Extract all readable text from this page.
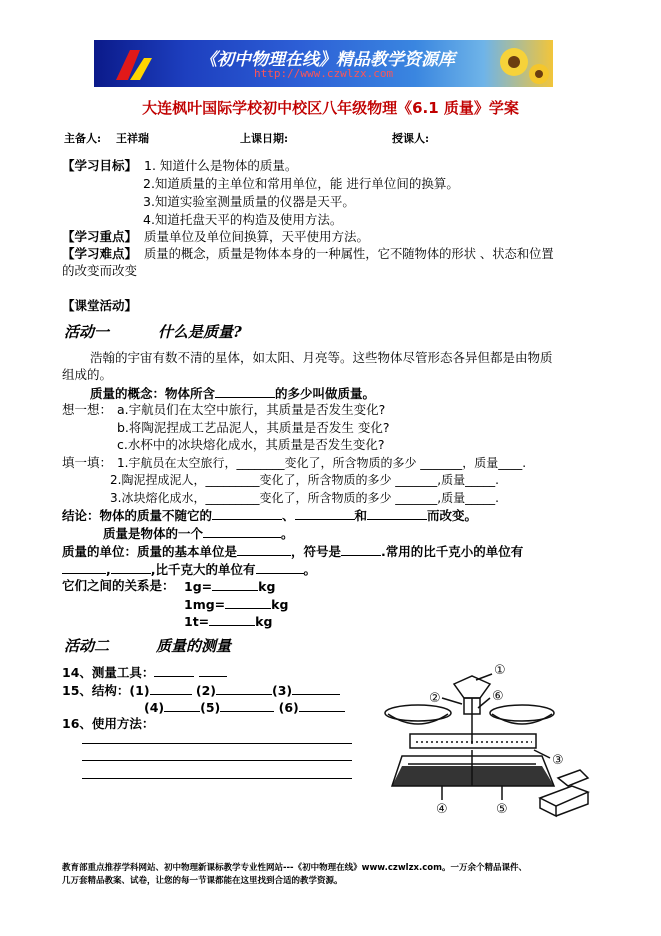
《初中物理在线》精品教学资源库
http://www.czwlzx.com
大连枫叶国际学校初中校区八年级物理《6.1 质量》学案
主备人: 王祥瑞	上课日期:	授课人:
【学习目标】 1. 知道什么是物体的质量。
2.知道质量的主单位和常用单位，能 进行单位间的换算。
3.知道实验室测量质量的仪器是天平。
4.知道托盘天平的构造及使用方法。
【学习重点】 质量单位及单位间换算，天平使用方法。
【学习难点】 质量的概念，质量是物体本身的一种属性，它不随物体的形状 、状态和位置
的改变而改变
【课堂活动】
活动一	什么是质量?
浩翰的宇宙有数不清的星体，如太阳、月亮等。这些物体尽管形态各异但都是由物质
组成的。
质量的概念：物体所含	的多少叫做质量。
想一想： a.宇航员们在太空中旅行，其质量是否发生变化?
b.将陶泥捏成工艺品泥人，其质量是否发生 变化?
c.水杯中的冰块熔化成水，其质量是否发生变化?
填一填： 1.宇航员在太空旅行，________变化了，所含物质的多少 _______，质量____.
2.陶泥捏成泥人，_________变化了，所含物质的多少 _______,质量_____.
3.冰块熔化成水，_________变化了，所含物质的多少 _______,质量_____.
结论：物体的质量不随它的	、	和	而改变。
质量是物体的一个	。
质量的单位：质量的基本单位是	，符号是	.常用的比千克小的单位有
,	,比千克大的单位有	。
它们之间的关系是： 1g=	kg
1mg=	kg
1t=	kg
活动二	质量的测量
14、测量工具：
15、结构：(1)	(2)	(3)
(4)	(5)	(6)
16、使用方法：
①
②	⑥
③
④	⑤
教育部重点推荐学科网站、初中物理新课标教学专业性网站---《初中物理在线》www.czwlzx.com。一万余个精品课件、
几万套精品教案、试卷，让您的每一节课都能在这里找到合适的教学资源。
